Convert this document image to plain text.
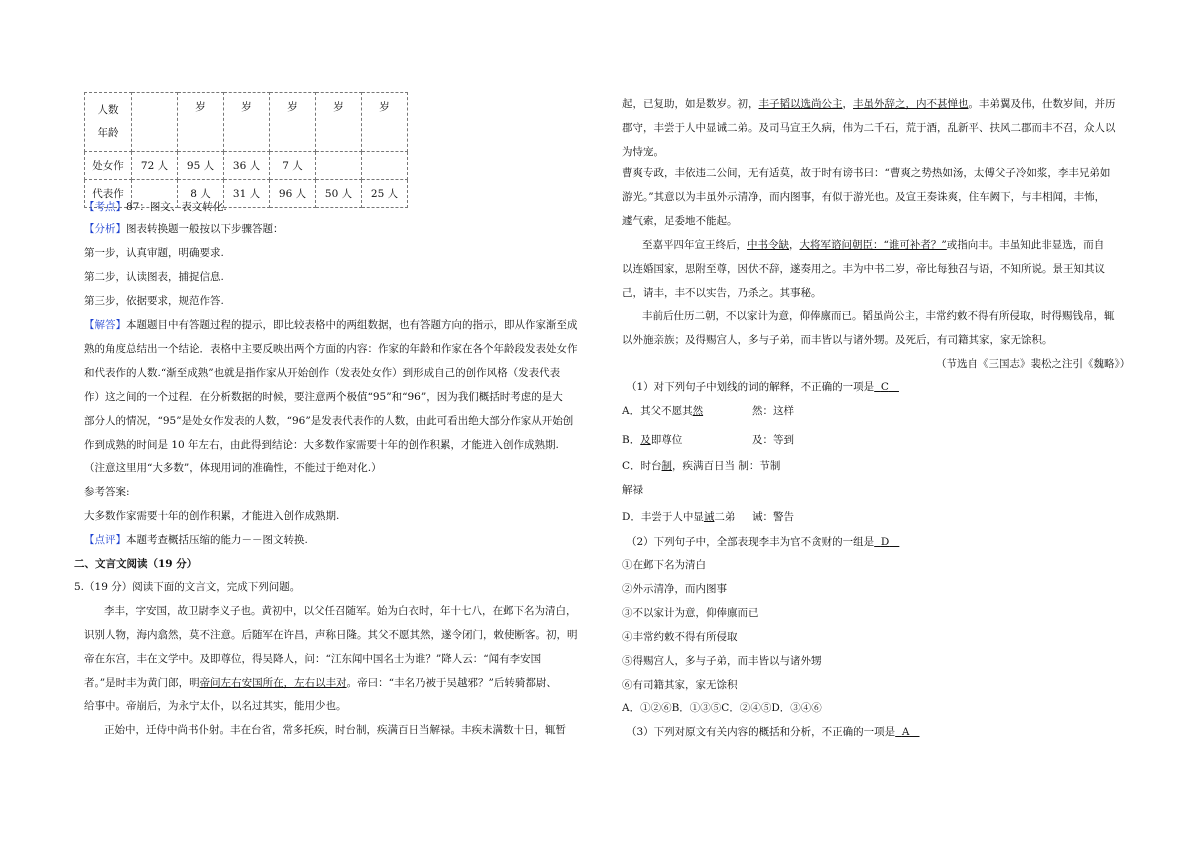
人数
年龄		岁	岁	岁	岁	岁
处女作	72 人	95 人	36 人	7 人		
代表作		8 人	31 人	96 人	50 人	25 人
【考点】87：图文、表文转化.
【分析】图表转换题一般按以下步骤答题：
第一步，认真审题，明确要求.
第二步，认读图表，捕捉信息.
第三步，依据要求，规范作答.
【解答】本题题目中有答题过程的提示，即比较表格中的两组数据，也有答题方向的指示，即从作家渐至成
熟的角度总结出一个结论．表格中主要反映出两个方面的内容：作家的年龄和作家在各个年龄段发表处女作
和代表作的人数.“渐至成熟”也就是指作家从开始创作（发表处女作）到形成自己的创作风格（发表代表
作）这之间的一个过程．在分析数据的时候，要注意两个极值“95”和“96”，因为我们概括时考虑的是大
部分人的情况，“95”是处女作发表的人数，“96”是发表代表作的人数，由此可看出绝大部分作家从开始创
作到成熟的时间是 10 年左右，由此得到结论：大多数作家需要十年的创作积累，才能进入创作成熟期.
（注意这里用“大多数”，体现用词的准确性，不能过于绝对化.）
参考答案:
大多数作家需要十年的创作积累，才能进入创作成熟期.
【点评】本题考查概括压缩的能力－－图文转换.
二、文言文阅读（19 分）
5.（19 分）阅读下面的文言文，完成下列问题。
李丰，字安国，故卫尉李义子也。黄初中，以父任召随军。始为白衣时，年十七八，在邺下名为清白，
识别人物，海内翕然，莫不注意。后随军在许昌，声称日隆。其父不愿其然，遂令闭门，敕使断客。初，明
帝在东宫，丰在文学中。及即尊位，得吴降人，问：“江东闻中国名士为谁？”降人云：“闻有李安国
者。”是时丰为黄门郎，明帝问左右安国所在，左右以丰对。帝曰：“丰名乃被于吴越邪？”后转骑都尉、
给事中。帝崩后，为永宁太仆，以名过其实，能用少也。
正始中，迁侍中尚书仆射。丰在台省，常多托疾，时台制，疾满百日当解禄。丰疾未满数十日，辄暂
起，已复助，如是数岁。初，丰子韬以选尚公主，丰虽外辞之，内不甚惮也。丰弟翼及伟，仕数岁间，并历
郡守，丰尝于人中显诫二弟。及司马宣王久病，伟为二千石，荒于酒，乱新平、扶风二郡而丰不召，众人以
为恃宠。
曹爽专政，丰依违二公间，无有适莫，故于时有谤书曰：“曹爽之势热如汤，太傅父子冷如浆，李丰兄弟如
游光。”其意以为丰虽外示清净，而内图事，有似于游光也。及宣王奏诛爽，住车阙下，与丰相闻，丰怖，
遽气索，足委地不能起。
至嘉平四年宣王终后，中书令缺，大将军谘问朝臣：“谁可补者？”或指向丰。丰虽知此非显选，而自
以连婚国家，思附至尊，因伏不辞，遂奏用之。丰为中书二岁，帝比每独召与语，不知所说。景王知其议
己，请丰，丰不以实告，乃杀之。其事秘。
丰前后仕历二朝，不以家计为意，仰俸廪而已。韬虽尚公主，丰常约敕不得有所侵取，时得赐钱帛，辄
以外施亲族；及得赐宫人，多与子弟，而丰皆以与诸外甥。及死后，有司籍其家，家无馀积。
（节选自《三国志》裴松之注引《魏略》）
（1）对下列句子中划线的词的解释，不正确的一项是 C
A．其父不愿其然	然：这样
B．及即尊位	及：等到
C．时台制，疾满百日当 制：节制
解禄
D．丰尝于人中显诫二弟 诫：警告
（2）下列句子中，全部表现李丰为官不贪财的一组是 D
①在邺下名为清白
②外示清净，而内图事
③不以家计为意，仰俸廪而已
④丰常约敕不得有所侵取
⑤得赐宫人，多与子弟，而丰皆以与诸外甥
⑥有司籍其家，家无馀积
A．①②⑥B．①③⑤C．②④⑤D．③④⑥
（3）下列对原文有关内容的概括和分析，不正确的一项是 A
